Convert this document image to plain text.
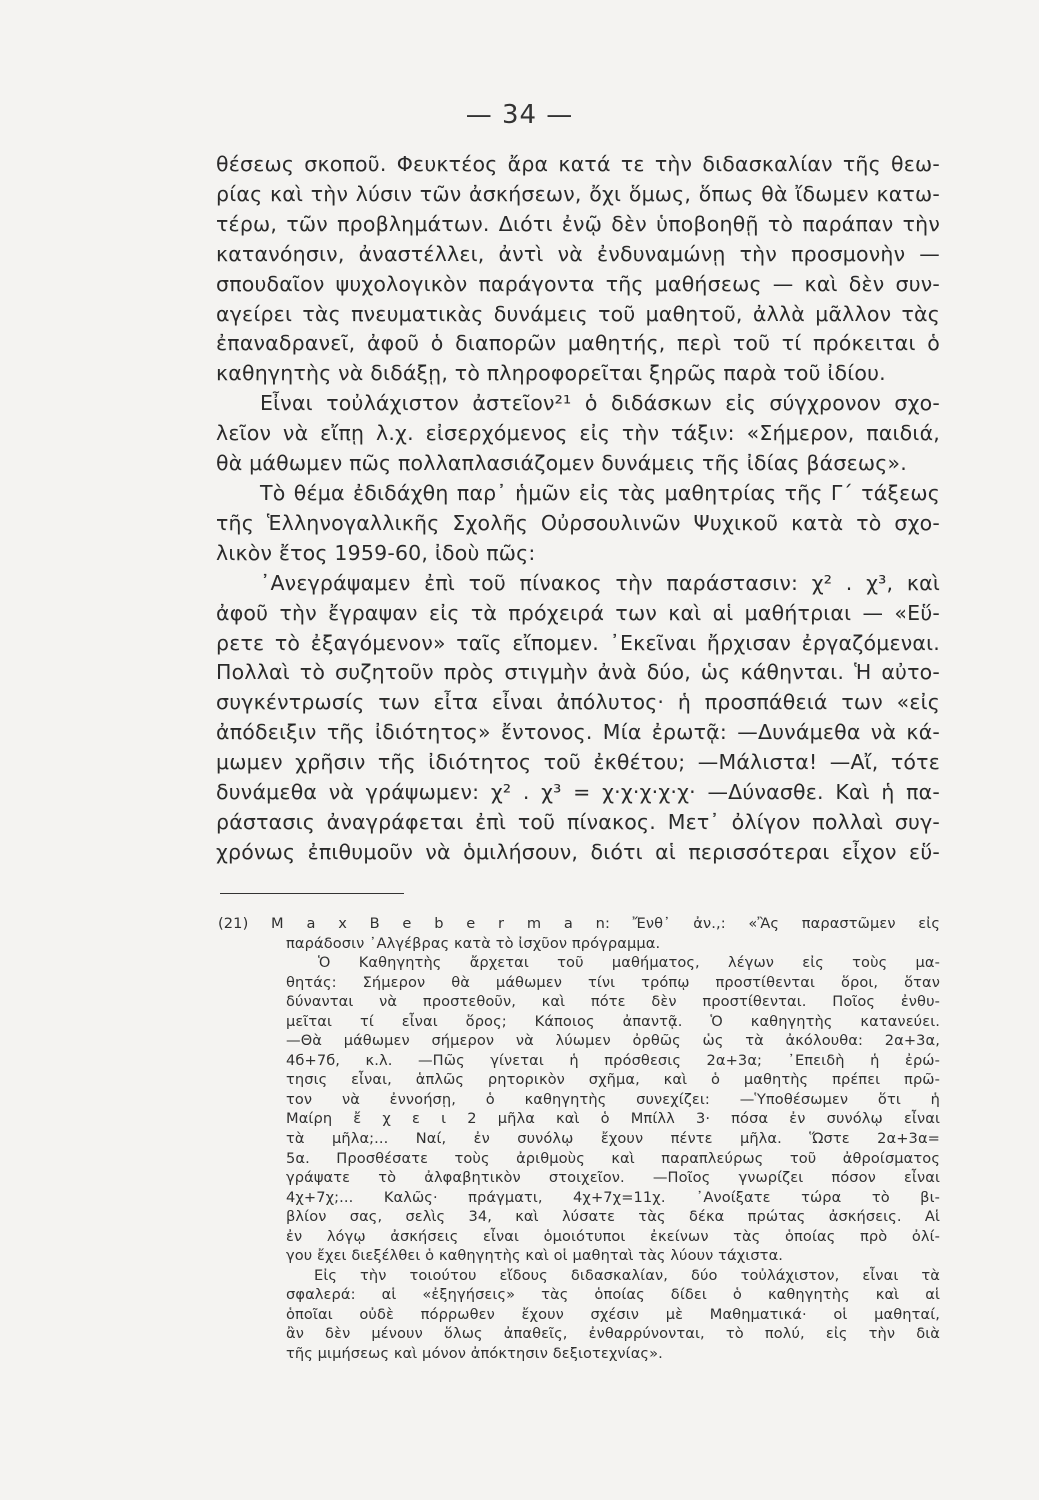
— 34 —
θέσεως σκοποῦ. Φευκτέος ἄρα κατά τε τὴν διδασκαλίαν τῆς θεω-
ρίας καὶ τὴν λύσιν τῶν ἀσκήσεων, ὄχι ὅμως, ὅπως θὰ ἴδωμεν κατω-
τέρω, τῶν προβλημάτων. Διότι ἐνῷ δὲν ὑποβοηθῇ τὸ παράπαν τὴν
κατανόησιν, ἀναστέλλει, ἀντὶ νὰ ἐνδυναμώνῃ τὴν προσμονὴν —
σπουδαῖον ψυχολογικὸν παράγοντα τῆς μαθήσεως — καὶ δὲν συν-
αγείρει τὰς πνευματικὰς δυνάμεις τοῦ μαθητοῦ, ἀλλὰ μᾶλλον τὰς
ἐπαναδρανεῖ, ἀφοῦ ὁ διαπορῶν μαθητής, περὶ τοῦ τί πρόκειται ὁ
καθηγητὴς νὰ διδάξῃ, τὸ πληροφορεῖται ξηρῶς παρὰ τοῦ ἰδίου.
Εἶναι τοὐλάχιστον ἀστεῖον²¹ ὁ διδάσκων εἰς σύγχρονον σχο-
λεῖον νὰ εἴπῃ λ.χ. εἰσερχόμενος εἰς τὴν τάξιν: «Σήμερον, παιδιά,
θὰ μάθωμεν πῶς πολλαπλασιάζομεν δυνάμεις τῆς ἰδίας βάσεως».
Τὸ θέμα ἐδιδάχθη παρ᾽ ἡμῶν εἰς τὰς μαθητρίας τῆς Γ΄ τάξεως
τῆς Ἑλληνογαλλικῆς Σχολῆς Οὐρσουλινῶν Ψυχικοῦ κατὰ τὸ σχο-
λικὸν ἔτος 1959-60, ἰδοὺ πῶς:
᾽Ανεγράψαμεν ἐπὶ τοῦ πίνακος τὴν παράστασιν: χ² . χ³, καὶ
ἀφοῦ τὴν ἔγραψαν εἰς τὰ πρόχειρά των καὶ αἱ μαθήτριαι — «Εὕ-
ρετε τὸ ἐξαγόμενον» ταῖς εἴπομεν. ᾽Εκεῖναι ἤρχισαν ἐργαζόμεναι.
Πολλαὶ τὸ συζητοῦν πρὸς στιγμὴν ἀνὰ δύο, ὡς κάθηνται. Ἡ αὐτο-
συγκέντρωσίς των εἶτα εἶναι ἀπόλυτος· ἡ προσπάθειά των «εἰς
ἀπόδειξιν τῆς ἰδιότητος» ἔντονος. Μία ἐρωτᾷ: —Δυνάμεθα νὰ κά-
μωμεν χρῆσιν τῆς ἰδιότητος τοῦ ἐκθέτου; —Μάλιστα! —Αἴ, τότε
δυνάμεθα νὰ γράψωμεν: χ² . χ³ = χ·χ·χ·χ·χ· —Δύνασθε. Καὶ ἡ πα-
ράστασις ἀναγράφεται ἐπὶ τοῦ πίνακος. Μετ᾽ ὀλίγον πολλαὶ συγ-
χρόνως ἐπιθυμοῦν νὰ ὁμιλήσουν, διότι αἱ περισσότεραι εἶχον εὕ-
(21) M a x B e b e r m a n: Ἔνθ᾽ ἀν.,: «Ἂς παραστῶμεν εἰς
παράδοσιν ᾽Αλγέβρας κατὰ τὸ ἰσχῦον πρόγραμμα.
Ὁ Καθηγητὴς ἄρχεται τοῦ μαθήματος, λέγων εἰς τοὺς μα-
θητάς: Σήμερον θὰ μάθωμεν τίνι τρόπῳ προστίθενται ὅροι, ὅταν
δύνανται νὰ προστεθοῦν, καὶ πότε δὲν προστίθενται. Ποῖος ἐνθυ-
μεῖται τί εἶναι ὅρος; Κάποιος ἀπαντᾷ. Ὁ καθηγητὴς κατανεύει.
—Θὰ μάθωμεν σήμερον νὰ λύωμεν ὀρθῶς ὡς τὰ ἀκόλουθα: 2α+3α,
4б+7б, κ.λ. —Πῶς γίνεται ἡ πρόσθεσις 2α+3α; ᾽Επειδὴ ἡ ἐρώ-
τησις εἶναι, ἁπλῶς ρητορικὸν σχῆμα, καὶ ὁ μαθητὴς πρέπει πρῶ-
τον νὰ ἐννοήσῃ, ὁ καθηγητὴς συνεχίζει: —Ὑποθέσωμεν ὅτι ἡ
Μαίρη ἔ χ ε ι 2 μῆλα καὶ ὁ Μπίλλ 3· πόσα ἐν συνόλῳ εἶναι
τὰ μῆλα;... Ναί, ἐν συνόλῳ ἔχουν πέντε μῆλα. Ὥστε 2α+3α=
5α. Προσθέσατε τοὺς ἀριθμοὺς καὶ παραπλεύρως τοῦ ἀθροίσματος
γράψατε τὸ ἀλφαβητικὸν στοιχεῖον. —Ποῖος γνωρίζει πόσον εἶναι
4χ+7χ;... Καλῶς· πράγματι, 4χ+7χ=11χ. ᾽Ανοίξατε τώρα τὸ βι-
βλίον σας, σελὶς 34, καὶ λύσατε τὰς δέκα πρώτας ἀσκήσεις. Αἱ
ἐν λόγῳ ἀσκήσεις εἶναι ὁμοιότυποι ἐκείνων τὰς ὁποίας πρὸ ὀλί-
γου ἔχει διεξέλθει ὁ καθηγητὴς καὶ οἱ μαθηταὶ τὰς λύουν τάχιστα.
Εἰς τὴν τοιούτου εἴδους διδασκαλίαν, δύο τοὐλάχιστον, εἶναι τὰ
σφαλερά: αἱ «ἐξηγήσεις» τὰς ὁποίας δίδει ὁ καθηγητὴς καὶ αἱ
ὁποῖαι οὐδὲ πόρρωθεν ἔχουν σχέσιν μὲ Μαθηματικά· οἱ μαθηταί,
ἂν δὲν μένουν ὅλως ἀπαθεῖς, ἐνθαρρύνονται, τὸ πολύ, εἰς τὴν διὰ
τῆς μιμήσεως καὶ μόνον ἀπόκτησιν δεξιοτεχνίας».
